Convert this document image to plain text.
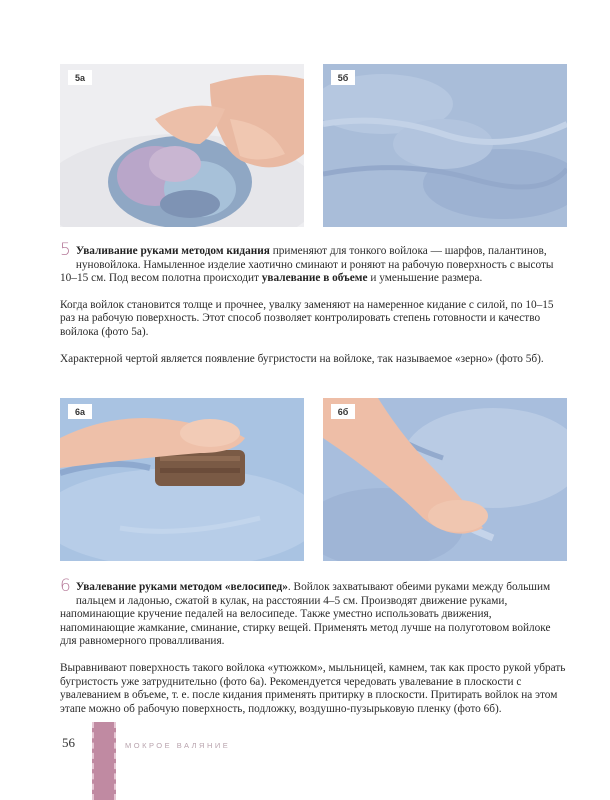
5а	5б

5 Уваливание руками методом кидания применяют для тонкого войлока — шарфов, палантинов, нуновойлока. Намыленное изделие хаотично сминают и роняют на рабочую поверхность с высоты 10–15 см. Под весом полотна происходит увалевание в объеме и уменьшение размера.

Когда войлок становится толще и прочнее, увалку заменяют на намеренное кидание с силой, по 10–15 раз на рабочую поверхность. Этот способ позволяет контролировать степень готовности и качество войлока (фото 5а).

Характерной чертой является появление бугристости на войлоке, так называемое «зерно» (фото 5б).

6а	6б

6 Увалевание руками методом «велосипед». Войлок захватывают обеими руками между большим пальцем и ладонью, сжатой в кулак, на расстоянии 4–5 см. Производят движение руками, напоминающие кручение педалей на велосипеде. Также уместно использовать движения, напоминающие жамкание, сминание, стирку вещей. Применять метод лучше на полуготовом войлоке для равномерного провалливания.

Выравнивают поверхность такого войлока «утюжком», мыльницей, камнем, так как просто рукой убрать бугристость уже затруднительно (фото 6а). Рекомендуется чередовать увалевание в плоскости с увалеванием в объеме, т. е. после кидания применять притирку в плоскости. Притирать войлок на этом этапе можно об рабочую поверхность, подложку, воздушно-пузырьковую пленку (фото 6б).

56	МОКРОЕ ВАЛЯНИЕ
